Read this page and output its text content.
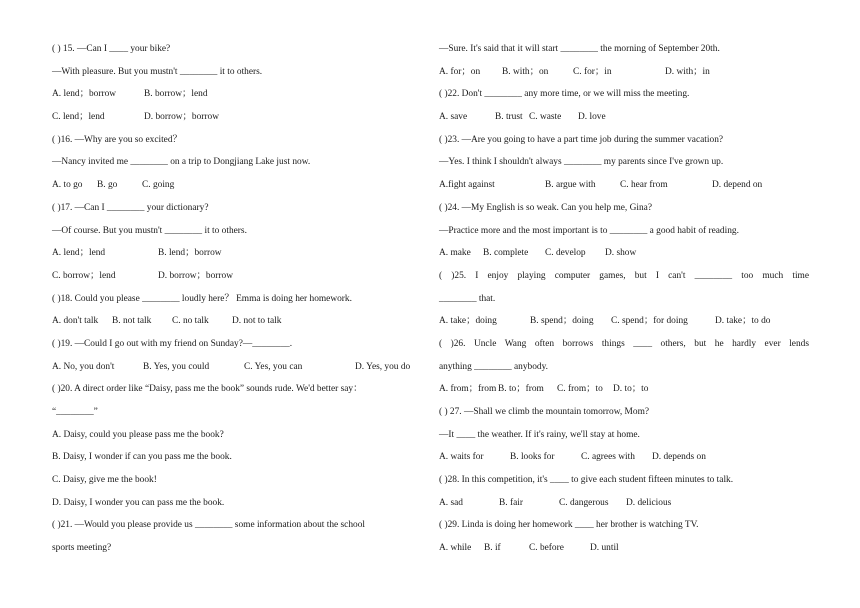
( ) 15. —Can I ____ your bike?
—With pleasure. But you mustn't ________ it to others.
A. lend；borrow	B. borrow；lend
C. lend；lend	D. borrow；borrow
( )16. —Why are you so excited？
—Nancy invited me ________ on a trip to Dongjiang Lake just now.
A. to go B. go	C. going
( )17. —Can I ________ your dictionary?
—Of course. But you mustn't ________ it to others.
A. lend；lend	B. lend；borrow
C. borrow；lend	D. borrow；borrow
( )18. Could you please ________ loudly here？ Emma is doing her homework.
A. don't talk B. not talk C. no talk D. not to talk
( )19. —Could I go out with my friend on Sunday?—________.
A. No, you don't	B. Yes, you could	C. Yes, you can	D. Yes, you do
( )20. A direct order like “Daisy, pass me the book” sounds rude. We'd better say：
“________”
A. Daisy, could you please pass me the book?
B. Daisy, I wonder if can you pass me the book.
C. Daisy, give me the book!
D. Daisy, I wonder you can pass me the book.
( )21. —Would you please provide us ________ some information about the school
sports meeting?
—Sure. It's said that it will start ________ the morning of September 20th.
A. for；on B. with；on	C. for；in	D. with；in
( )22. Don't ________ any more time, or we will miss the meeting.
A. save	B. trust C. waste D. love
( )23. —Are you going to have a part time job during the summer vacation?
—Yes. I think I shouldn't always ________ my parents since I've grown up.
A.fight against	B. argue with	C. hear from	D. depend on
( )24. —My English is so weak. Can you help me, Gina?
—Practice more and the most important is to ________ a good habit of reading.
A. make B. complete C. develop D. show
( )25. I enjoy playing computer games, but I can't ________ too much time
________ that.
A. take；doing	B. spend；doing C. spend；for doing	D. take；to do
( )26. Uncle Wang often borrows things ____ others, but he hardly ever lends
anything ________ anybody.
A. from；from B. to；from C. from；to D. to；to
( ) 27. —Shall we climb the mountain tomorrow, Mom?
—It ____ the weather. If it's rainy, we'll stay at home.
A. waits for	B. looks for	C. agrees with D. depends on
( )28. In this competition, it's ____ to give each student fifteen minutes to talk.
A. sad	B. fair	C. dangerous D. delicious
( )29. Linda is doing her homework ____ her brother is watching TV.
A. while B. if	C. before	D. until
